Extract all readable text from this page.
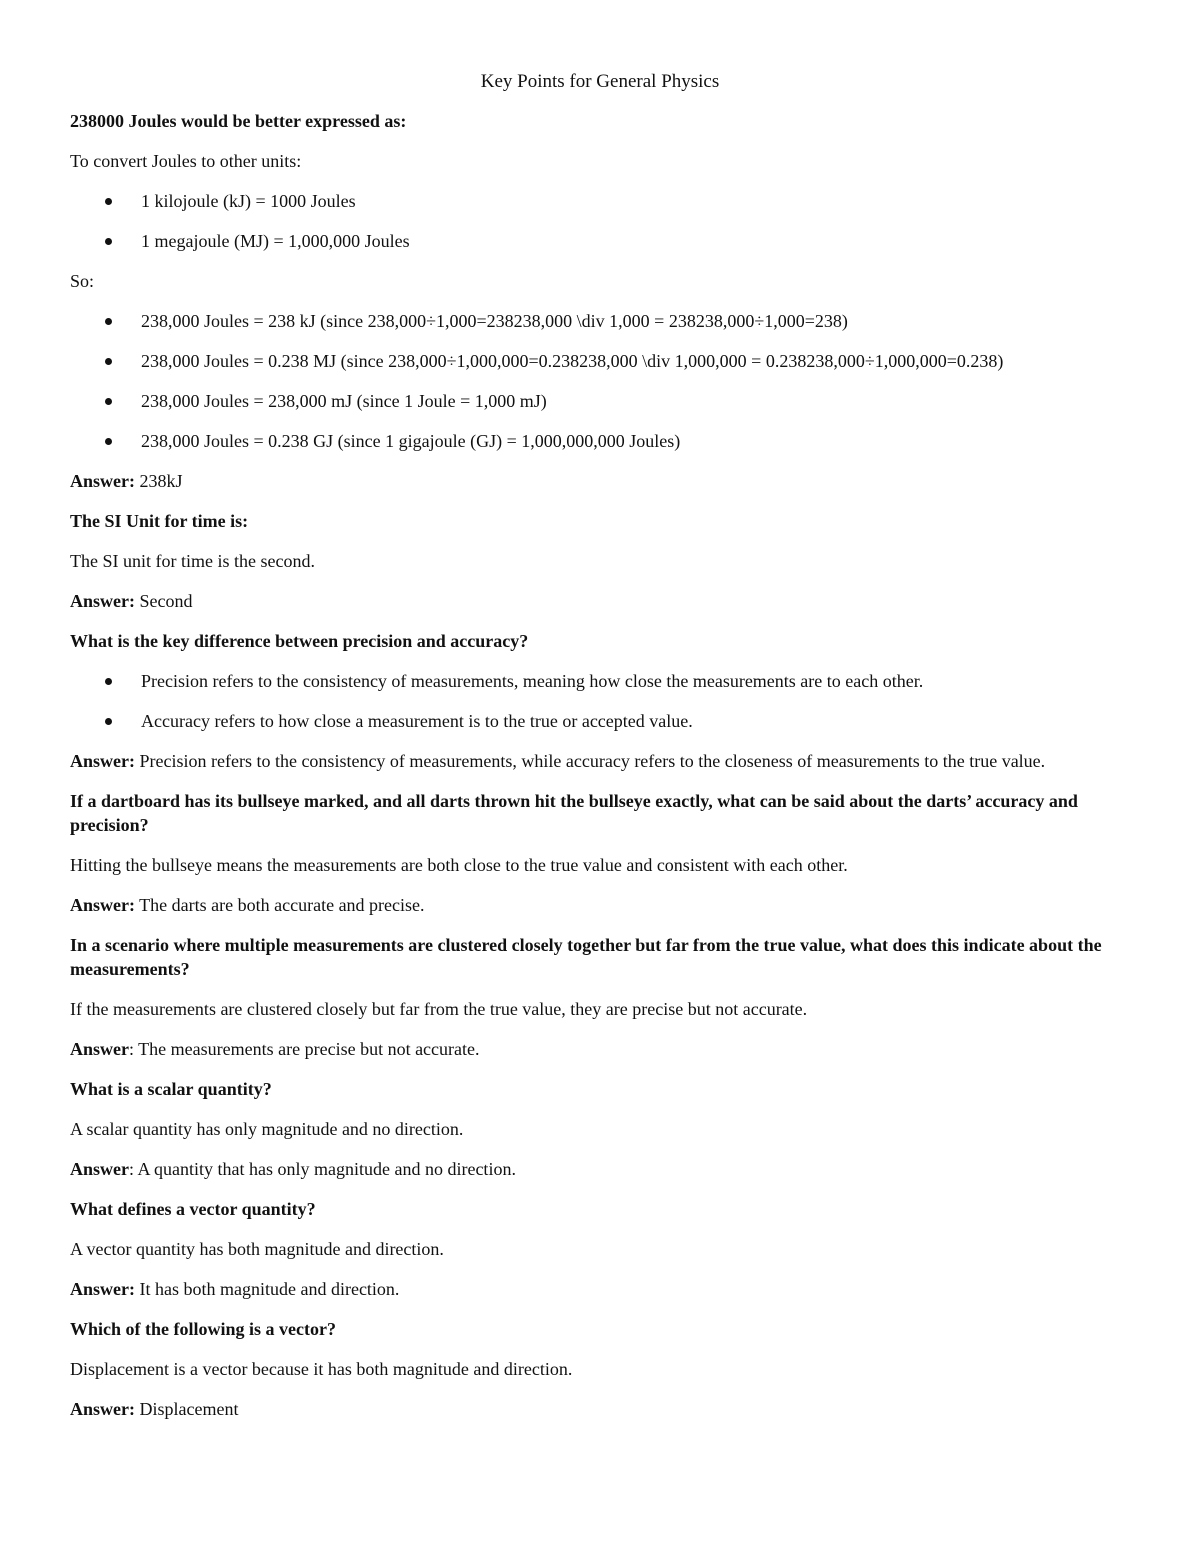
Key Points for General Physics

238000 Joules would be better expressed as:

To convert Joules to other units:

1 kilojoule (kJ) = 1000 Joules
1 megajoule (MJ) = 1,000,000 Joules

So:

238,000 Joules = 238 kJ (since 238,000÷1,000=238238,000 \div 1,000 = 238238,000÷1,000=238)
238,000 Joules = 0.238 MJ (since 238,000÷1,000,000=0.238238,000 \div 1,000,000 = 0.238238,000÷1,000,000=0.238)
238,000 Joules = 238,000 mJ (since 1 Joule = 1,000 mJ)
238,000 Joules = 0.238 GJ (since 1 gigajoule (GJ) = 1,000,000,000 Joules)

Answer: 238kJ

The SI Unit for time is:

The SI unit for time is the second.

Answer: Second

What is the key difference between precision and accuracy?

Precision refers to the consistency of measurements, meaning how close the measurements are to each other.
Accuracy refers to how close a measurement is to the true or accepted value.

Answer: Precision refers to the consistency of measurements, while accuracy refers to the closeness of measurements to the true value.

If a dartboard has its bullseye marked, and all darts thrown hit the bullseye exactly, what can be said about the darts’ accuracy and precision?

Hitting the bullseye means the measurements are both close to the true value and consistent with each other.

Answer: The darts are both accurate and precise.

In a scenario where multiple measurements are clustered closely together but far from the true value, what does this indicate about the measurements?

If the measurements are clustered closely but far from the true value, they are precise but not accurate.

Answer: The measurements are precise but not accurate.

What is a scalar quantity?

A scalar quantity has only magnitude and no direction.

Answer: A quantity that has only magnitude and no direction.

What defines a vector quantity?

A vector quantity has both magnitude and direction.

Answer: It has both magnitude and direction.

Which of the following is a vector?

Displacement is a vector because it has both magnitude and direction.

Answer: Displacement
